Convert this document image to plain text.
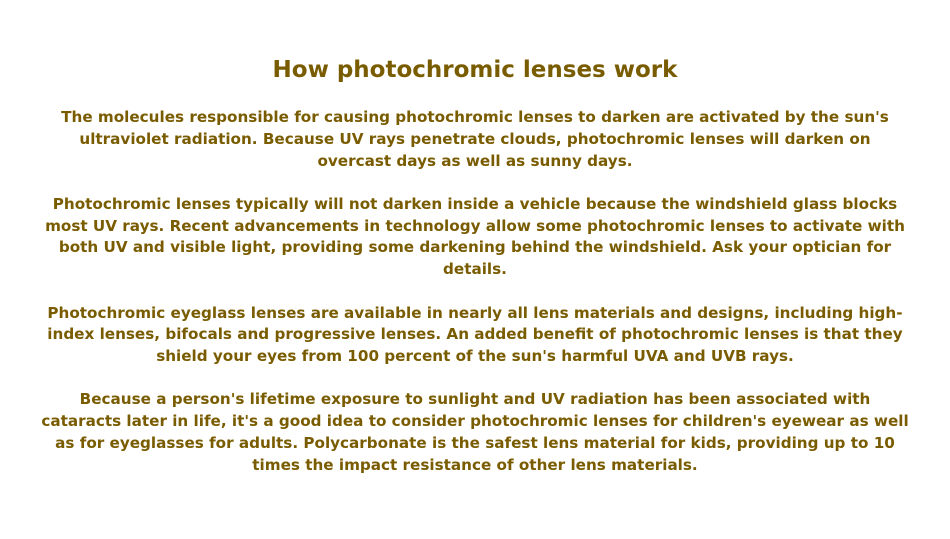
How photochromic lenses work

The molecules responsible for causing photochromic lenses to darken are activated by the sun's ultraviolet radiation. Because UV rays penetrate clouds, photochromic lenses will darken on overcast days as well as sunny days.

Photochromic lenses typically will not darken inside a vehicle because the windshield glass blocks most UV rays. Recent advancements in technology allow some photochromic lenses to activate with both UV and visible light, providing some darkening behind the windshield. Ask your optician for details.

Photochromic eyeglass lenses are available in nearly all lens materials and designs, including high-index lenses, bifocals and progressive lenses. An added benefit of photochromic lenses is that they shield your eyes from 100 percent of the sun's harmful UVA and UVB rays.

Because a person's lifetime exposure to sunlight and UV radiation has been associated with cataracts later in life, it's a good idea to consider photochromic lenses for children's eyewear as well as for eyeglasses for adults. Polycarbonate is the safest lens material for kids, providing up to 10 times the impact resistance of other lens materials.
